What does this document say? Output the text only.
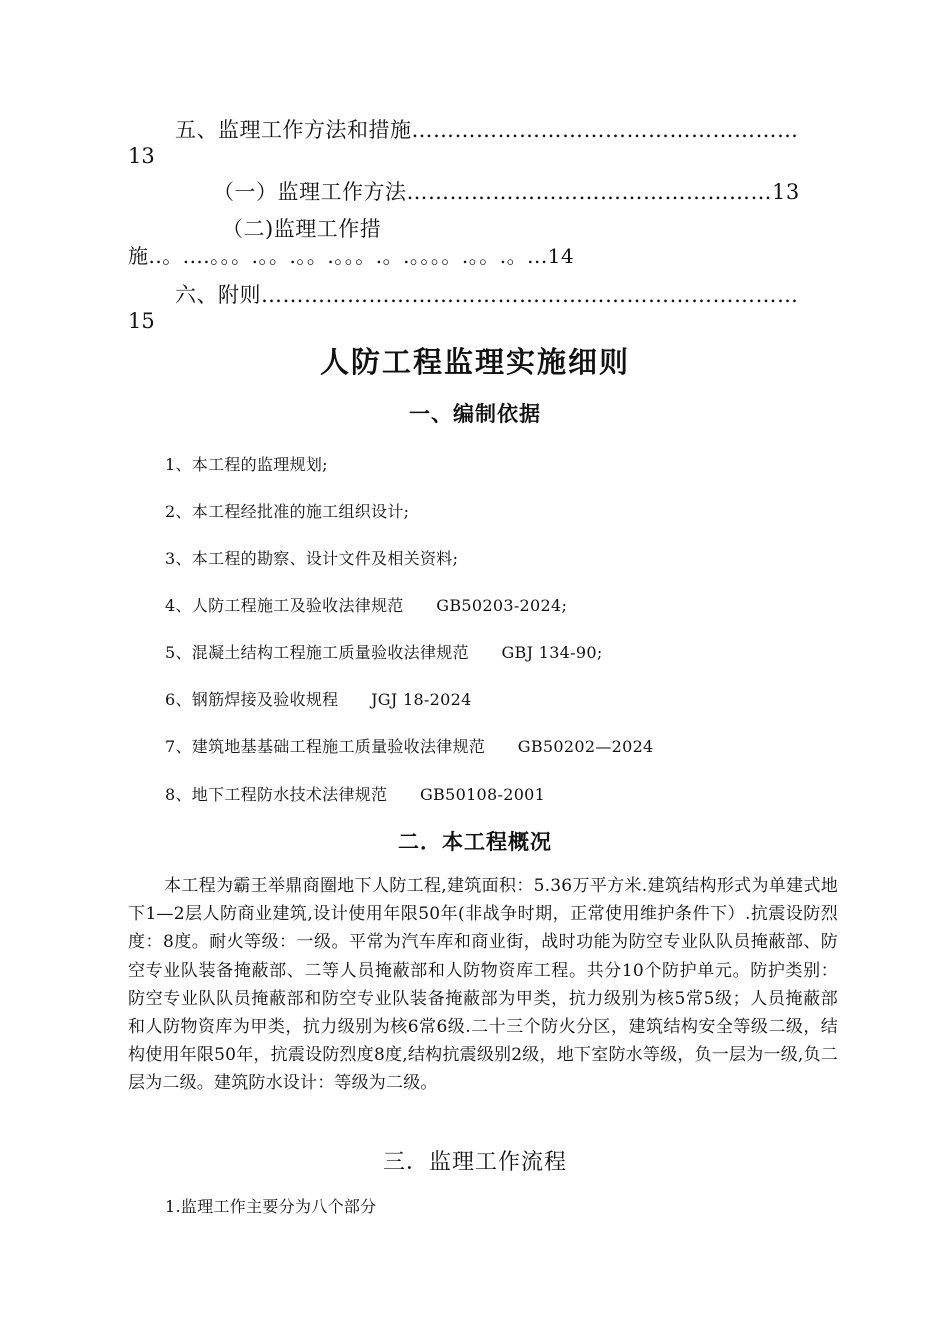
五、监理工作方法和措施………………………………………………
13
（一）监理工作方法……………………………………………13
（二)监理工作措
施..。....。。。.。。.。。.。。。.。.。。。。.。。.。...14
六、附则…………………………………………………………………
15
人防工程监理实施细则
一、编制依据
1、本工程的监理规划;
2、本工程经批准的施工组织设计;
3、本工程的勘察、设计文件及相关资料;
4、人防工程施工及验收法律规范　　GB50203-2024;
5、混凝土结构工程施工质量验收法律规范　　GBJ 134-90;
6、钢筋焊接及验收规程　　JGJ 18-2024
7、建筑地基基础工程施工质量验收法律规范　　GB50202—2024
8、地下工程防水技术法律规范　　GB50108-2001
二．本工程概况
本工程为霸王举鼎商圈地下人防工程,建筑面积：5.36万平方米.建筑结构形式为单建式地下1—2层人防商业建筑,设计使用年限50年(非战争时期，正常使用维护条件下）.抗震设防烈度：8度。耐火等级：一级。平常为汽车库和商业街，战时功能为防空专业队队员掩蔽部、防空专业队装备掩蔽部、二等人员掩蔽部和人防物资库工程。共分10个防护单元。防护类别：防空专业队队员掩蔽部和防空专业队装备掩蔽部为甲类，抗力级别为核5常5级；人员掩蔽部和人防物资库为甲类，抗力级别为核6常6级.二十三个防火分区，建筑结构安全等级二级，结构使用年限50年，抗震设防烈度8度,结构抗震级别2级，地下室防水等级，负一层为一级,负二层为二级。建筑防水设计：等级为二级。
三．监理工作流程
1.监理工作主要分为八个部分
